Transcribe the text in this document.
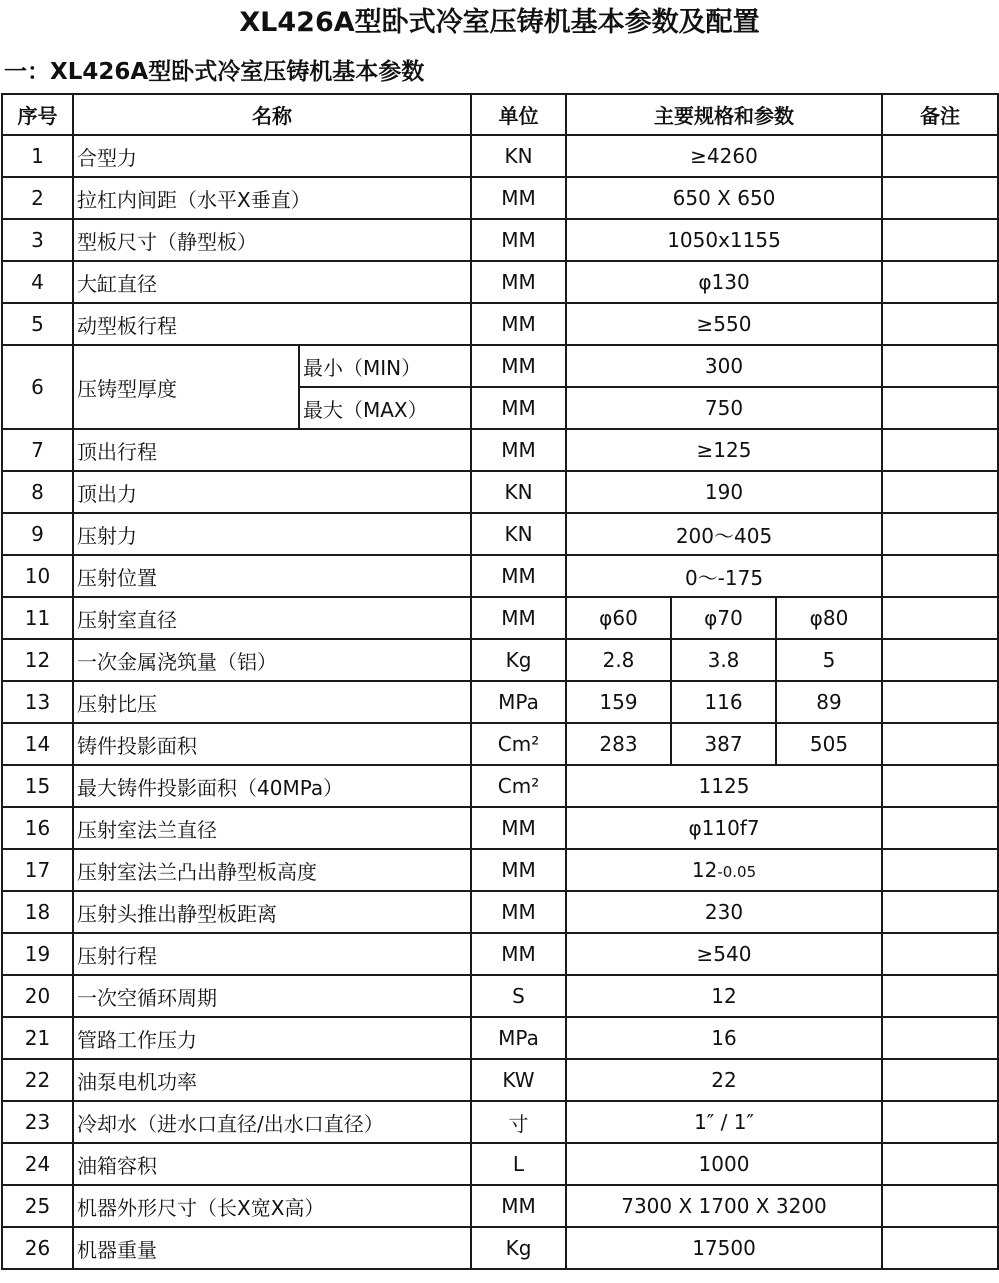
XL426A型卧式冷室压铸机基本参数及配置
一：XL426A型卧式冷室压铸机基本参数
序号	名称		单位	主要规格和参数			备注
1	合型力		KN	≥4260			
2	拉杠内间距（水平X垂直）		MM	650 X 650			
3	型板尺寸（静型板）		MM	1050x1155			
4	大缸直径		MM	φ130			
5	动型板行程		MM	≥550			
6	压铸型厚度	最小（MIN）	MM	300			
		最大（MAX）	MM	750			
7	顶出行程		MM	≥125			
8	顶出力		KN	190			
9	压射力		KN	200～405			
10	压射位置		MM	0～-175			
11	压射室直径		MM	φ60	φ70	φ80	
12	一次金属浇筑量（铝）		Kg	2.8	3.8	5	
13	压射比压		MPa	159	116	89	
14	铸件投影面积		Cm²	283	387	505	
15	最大铸件投影面积（40MPa）		Cm²	1125			
16	压射室法兰直径		MM	φ110f7			
17	压射室法兰凸出静型板高度		MM	12-0.05			
18	压射头推出静型板距离		MM	230			
19	压射行程		MM	≥540			
20	一次空循环周期		S	12			
21	管路工作压力		MPa	16			
22	油泵电机功率		KW	22			
23	冷却水（进水口直径/出水口直径）		寸	1″ / 1″			
24	油箱容积		L	1000			
25	机器外形尺寸（长X宽X高）		MM	7300 X 1700 X 3200			
26	机器重量		Kg	17500			
